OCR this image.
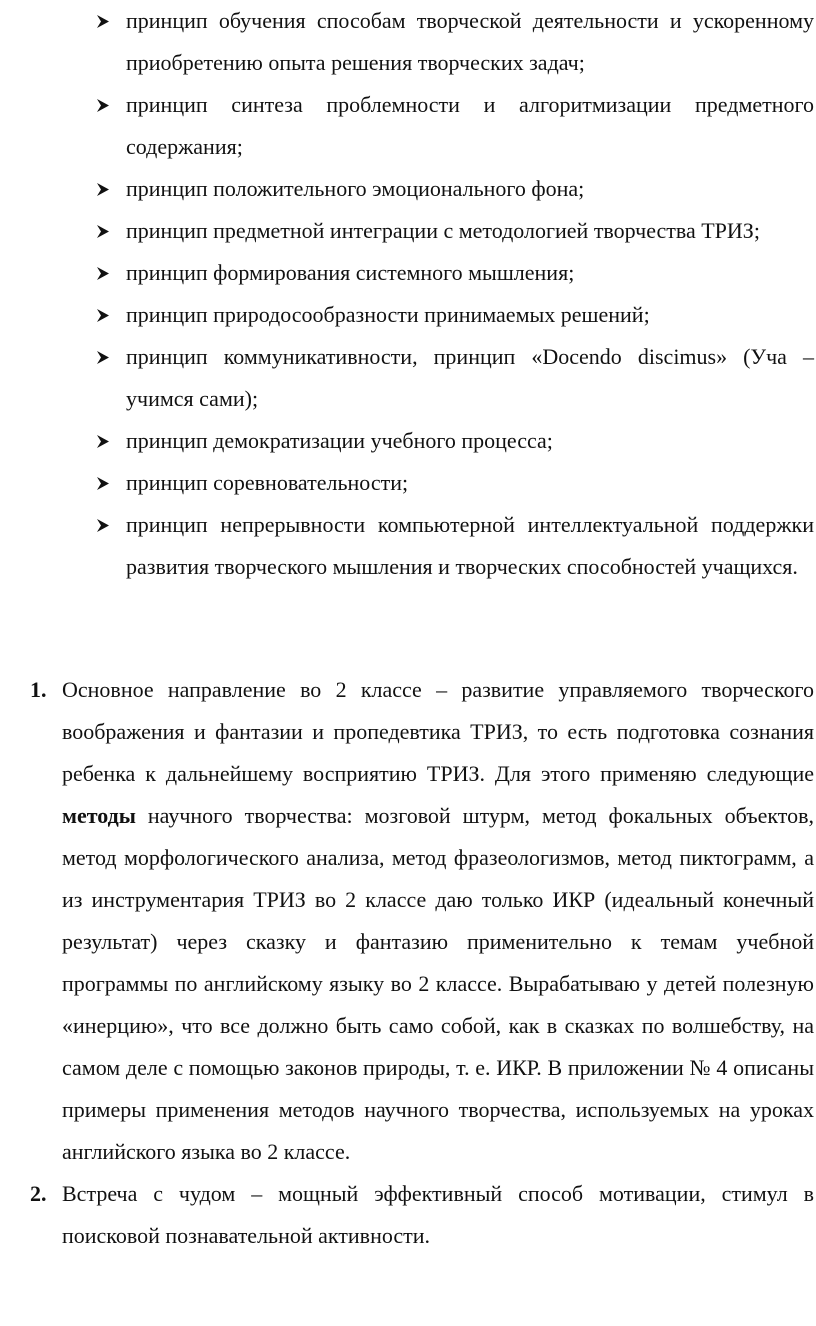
принцип обучения способам творческой деятельности и ускоренному приобретению опыта решения творческих задач;
принцип синтеза проблемности и алгоритмизации предметного содержания;
принцип положительного эмоционального фона;
принцип предметной интеграции с методологией творчества ТРИЗ;
принцип формирования системного мышления;
принцип природосообразности принимаемых решений;
принцип коммуникативности, принцип «Docendo discimus» (Уча – учимся сами);
принцип демократизации учебного процесса;
принцип соревновательности;
принцип непрерывности компьютерной интеллектуальной поддержки развития творческого мышления и творческих способностей учащихся.
1. Основное направление во 2 классе – развитие управляемого творческого воображения и фантазии и пропедевтика ТРИЗ, то есть подготовка сознания ребенка к дальнейшему восприятию ТРИЗ. Для этого применяю следующие методы научного творчества: мозговой штурм, метод фокальных объектов, метод морфологического анализа, метод фразеологизмов, метод пиктограмм, а из инструментария ТРИЗ во 2 классе даю только ИКР (идеальный конечный результат) через сказку и фантазию применительно к темам учебной программы по английскому языку во 2 классе. Вырабатываю у детей полезную «инерцию», что все должно быть само собой, как в сказках по волшебству, на самом деле с помощью законов природы, т. е. ИКР. В приложении № 4 описаны примеры применения методов научного творчества, используемых на уроках английского языка во 2 классе.
2. Встреча с чудом – мощный эффективный способ мотивации, стимул в поисковой познавательной активности.
